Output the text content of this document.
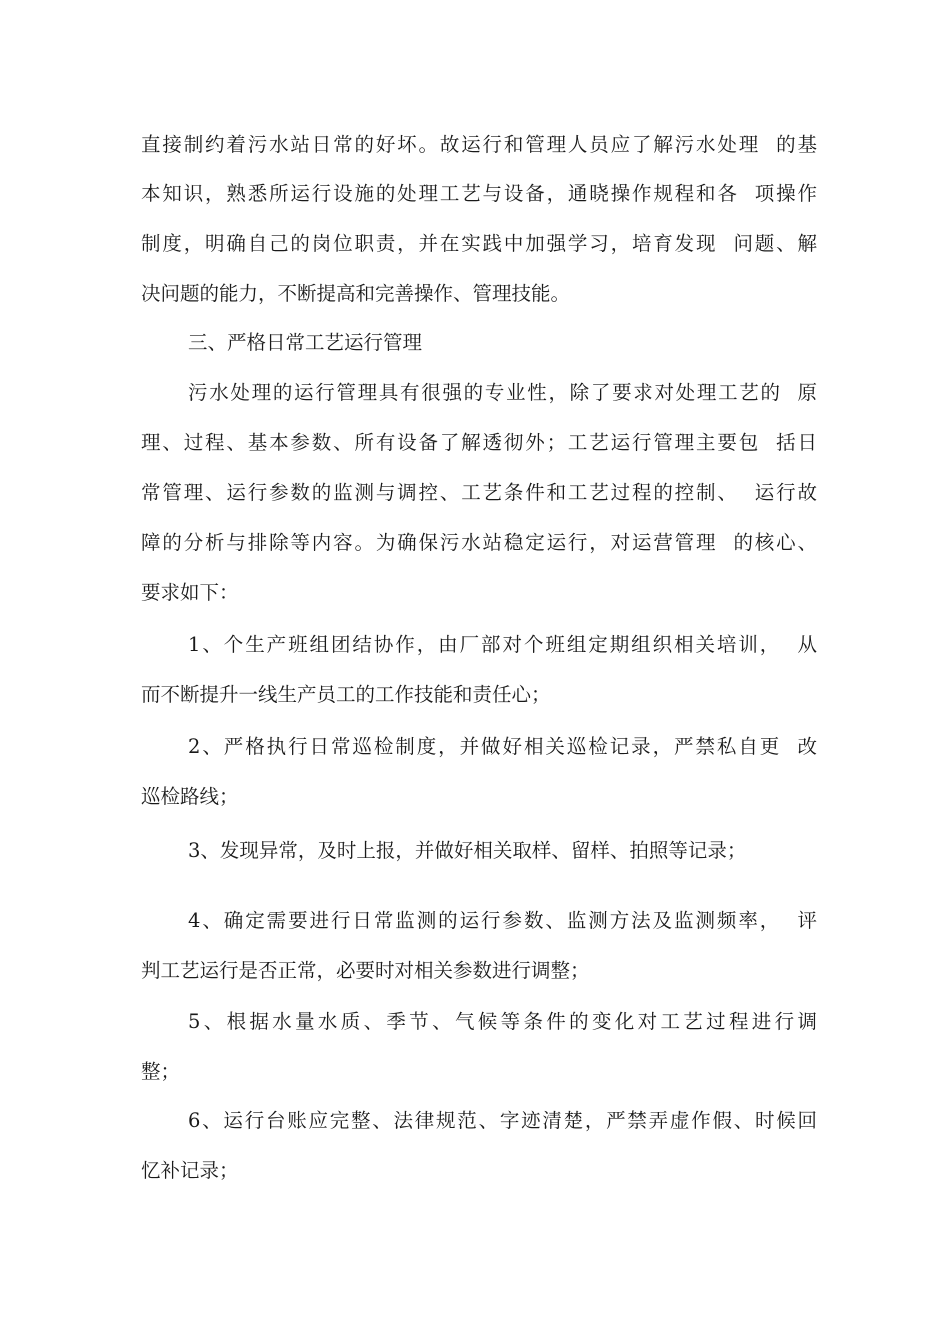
直接制约着污水站日常的好坏。故运行和管理人员应了解污水处理  的基
本知识，熟悉所运行设施的处理工艺与设备，通晓操作规程和各  项操作
制度，明确自己的岗位职责，并在实践中加强学习，培育发现  问题、解
决问题的能力，不断提高和完善操作、管理技能。
三、严格日常工艺运行管理
污水处理的运行管理具有很强的专业性，除了要求对处理工艺的  原
理、过程、基本参数、所有设备了解透彻外；工艺运行管理主要包  括日
常管理、运行参数的监测与调控、工艺条件和工艺过程的控制、  运行故
障的分析与排除等内容。为确保污水站稳定运行，对运营管理  的核心、
要求如下：
1、个生产班组团结协作，由厂部对个班组定期组织相关培训，  从
而不断提升一线生产员工的工作技能和责任心；
2、严格执行日常巡检制度，并做好相关巡检记录，严禁私自更  改
巡检路线；
3、发现异常，及时上报，并做好相关取样、留样、拍照等记录；
4、确定需要进行日常监测的运行参数、监测方法及监测频率，  评
判工艺运行是否正常，必要时对相关参数进行调整；
5、根据水量水质、季节、气候等条件的变化对工艺过程进行调
整；
6、运行台账应完整、法律规范、字迹清楚，严禁弄虚作假、时候回
忆补记录；
